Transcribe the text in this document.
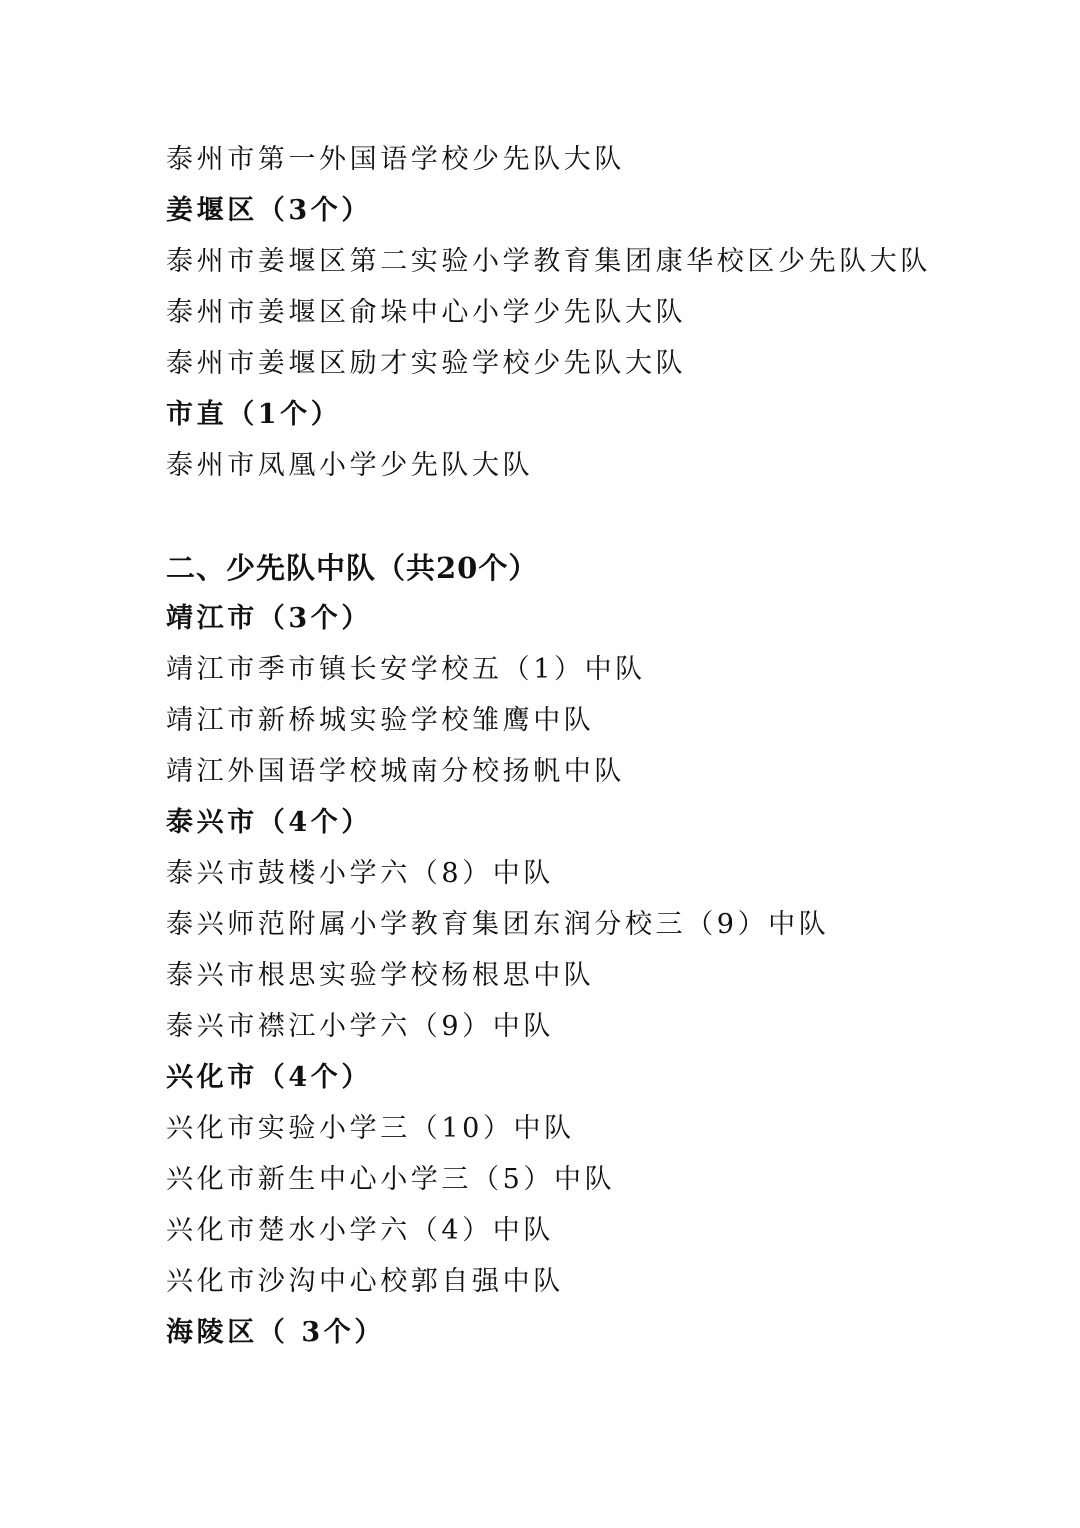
泰州市第一外国语学校少先队大队
姜堰区（3个）
泰州市姜堰区第二实验小学教育集团康华校区少先队大队
泰州市姜堰区俞垛中心小学少先队大队
泰州市姜堰区励才实验学校少先队大队
市直（1个）
泰州市凤凰小学少先队大队
二、少先队中队（共20个）
靖江市（3个）
靖江市季市镇长安学校五（1）中队
靖江市新桥城实验学校雏鹰中队
靖江外国语学校城南分校扬帆中队
泰兴市（4个）
泰兴市鼓楼小学六（8）中队
泰兴师范附属小学教育集团东润分校三（9）中队
泰兴市根思实验学校杨根思中队
泰兴市襟江小学六（9）中队
兴化市（4个）
兴化市实验小学三（10）中队
兴化市新生中心小学三（5）中队
兴化市楚水小学六（4）中队
兴化市沙沟中心校郭自强中队
海陵区（ 3个）
